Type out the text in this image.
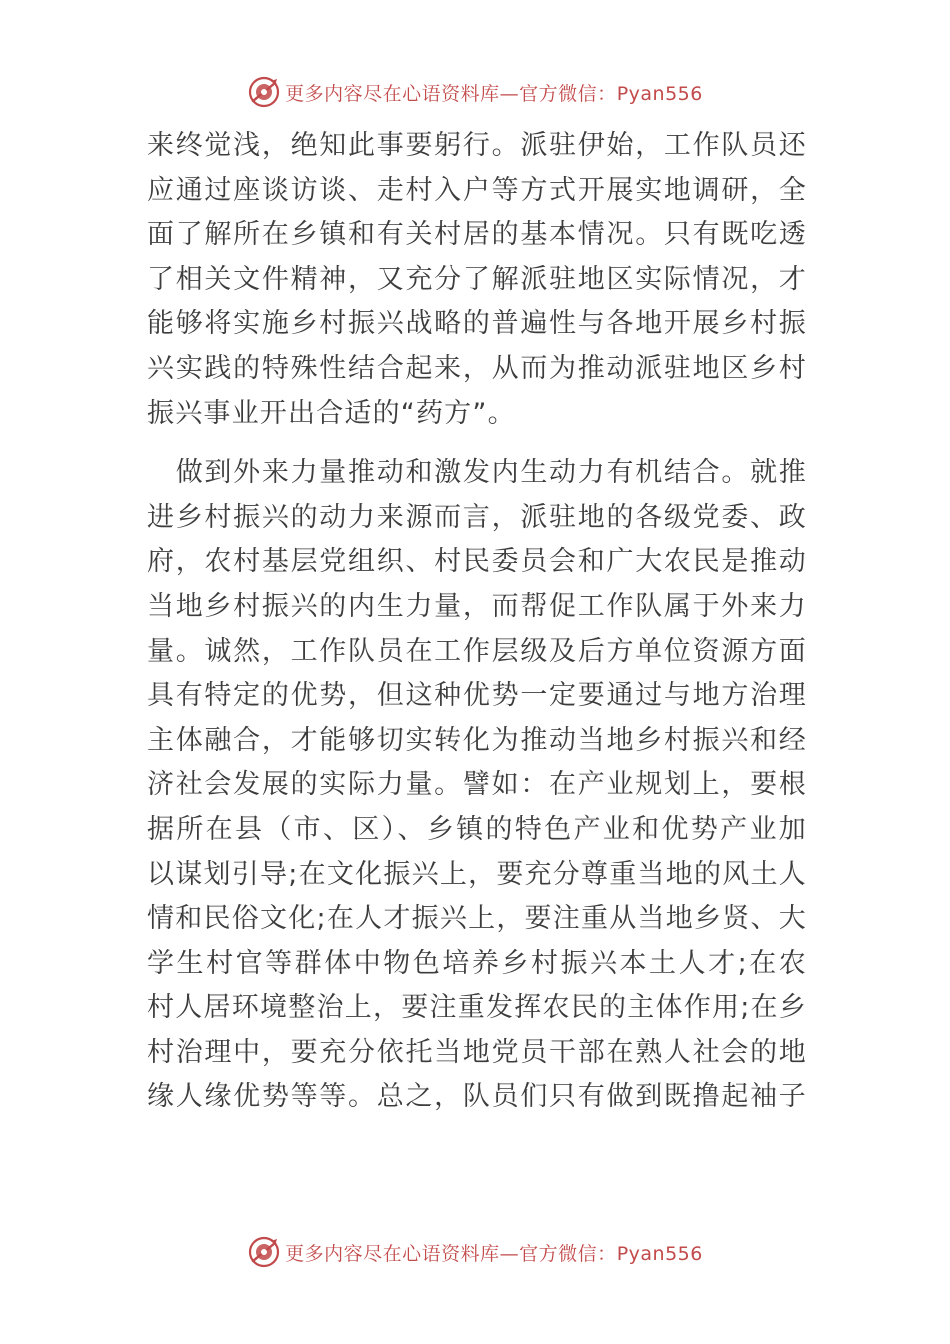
更多内容尽在心语资料库—官方微信：Pyan556

来终觉浅，绝知此事要躬行。派驻伊始，工作队员还
应通过座谈访谈、走村入户等方式开展实地调研，全
面了解所在乡镇和有关村居的基本情况。只有既吃透
了相关文件精神，又充分了解派驻地区实际情况，才
能够将实施乡村振兴战略的普遍性与各地开展乡村振
兴实践的特殊性结合起来，从而为推动派驻地区乡村
振兴事业开出合适的“药方”。

　做到外来力量推动和激发内生动力有机结合。就推
进乡村振兴的动力来源而言，派驻地的各级党委、政
府，农村基层党组织、村民委员会和广大农民是推动
当地乡村振兴的内生力量，而帮促工作队属于外来力
量。诚然，工作队员在工作层级及后方单位资源方面
具有特定的优势，但这种优势一定要通过与地方治理
主体融合，才能够切实转化为推动当地乡村振兴和经
济社会发展的实际力量。譬如：在产业规划上，要根
据所在县（市、区）、乡镇的特色产业和优势产业加
以谋划引导;在文化振兴上，要充分尊重当地的风土人
情和民俗文化;在人才振兴上，要注重从当地乡贤、大
学生村官等群体中物色培养乡村振兴本土人才;在农
村人居环境整治上，要注重发挥农民的主体作用;在乡
村治理中，要充分依托当地党员干部在熟人社会的地
缘人缘优势等等。总之，队员们只有做到既撸起袖子

更多内容尽在心语资料库—官方微信：Pyan556
